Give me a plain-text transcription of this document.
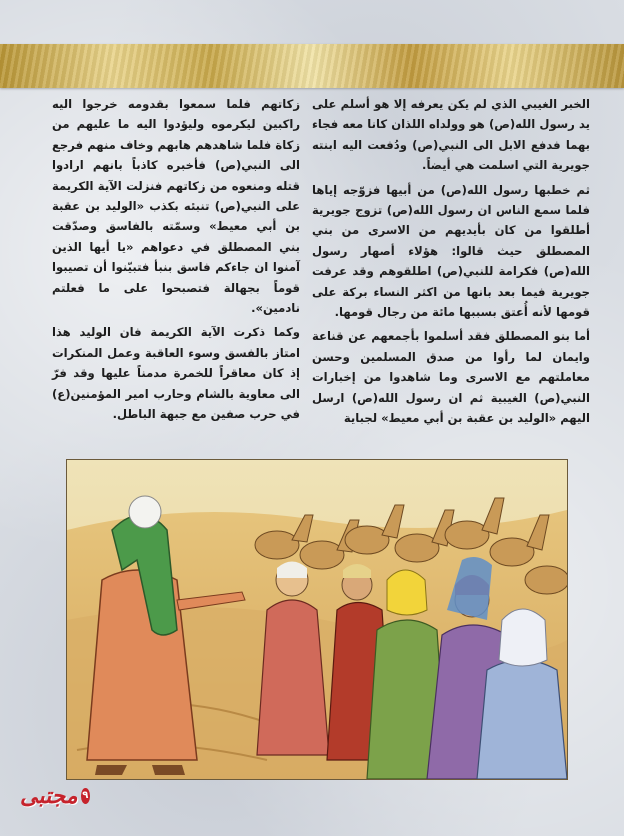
الخبر الغيبي الذي لم يكن يعرفه إلا هو أسلم على يد رسول الله(ص) هو وولداه اللذان كانا معه فجاء بهما فدفع الابل الى النبي(ص) ودُفعت اليه ابنته جويرية التي اسلمت هي أيضاً.

ثم خطبها رسول الله(ص) من أبيها فزوّجه إياها فلما سمع الناس ان رسول الله(ص) تزوج جويرية أطلقوا من كان بأيديهم من الاسرى من بني المصطلق حيث قالوا: هؤلاء أصهار رسول الله(ص) فكرامة للنبي(ص) اطلقوهم وقد عرفت جويرية فيما بعد بانها من اكثر النساء بركة على قومها لأنه أُعتق بسببها مائة من رجال قومها.

أما بنو المصطلق فقد أسلموا بأجمعهم عن قناعة وايمان لما رأوا من صدق المسلمين وحسن معاملتهم مع الاسرى وما شاهدوا من إخبارات النبي(ص) الغيبية ثم ان رسول الله(ص) ارسل اليهم «الوليد بن عقبة بن أبي معيط» لجباية

زكاتهم فلما سمعوا بقدومه خرجوا اليه راكبين ليكرموه وليؤدوا اليه ما عليهم من زكاة فلما شاهدهم هابهم وخاف منهم فرجع الى النبي(ص) فأخبره كاذباً بانهم ارادوا قتله ومنعوه من زكاتهم فنزلت الآية الكريمة على النبي(ص) تنبئه بكذب «الوليد بن عقبة بن أبي معيط» وسمّته بالفاسق وصدّقت بني المصطلق في دعواهم «يا أيها الذين آمنوا ان جاءكم فاسق بنبأ فتبيّنوا أن تصيبوا قوماً بجهالة فتصبحوا على ما فعلتم نادمين».

وكما ذكرت الآية الكريمة فان الوليد هذا امتاز بالفسق وسوء العاقبة وعمل المنكرات إذ كان معاقراً للخمرة مدمناً عليها وقد فرّ الى معاوية بالشام وحارب امير المؤمنين(ع) في حرب صفين مع جبهة الباطل.

مجتبى ٩
